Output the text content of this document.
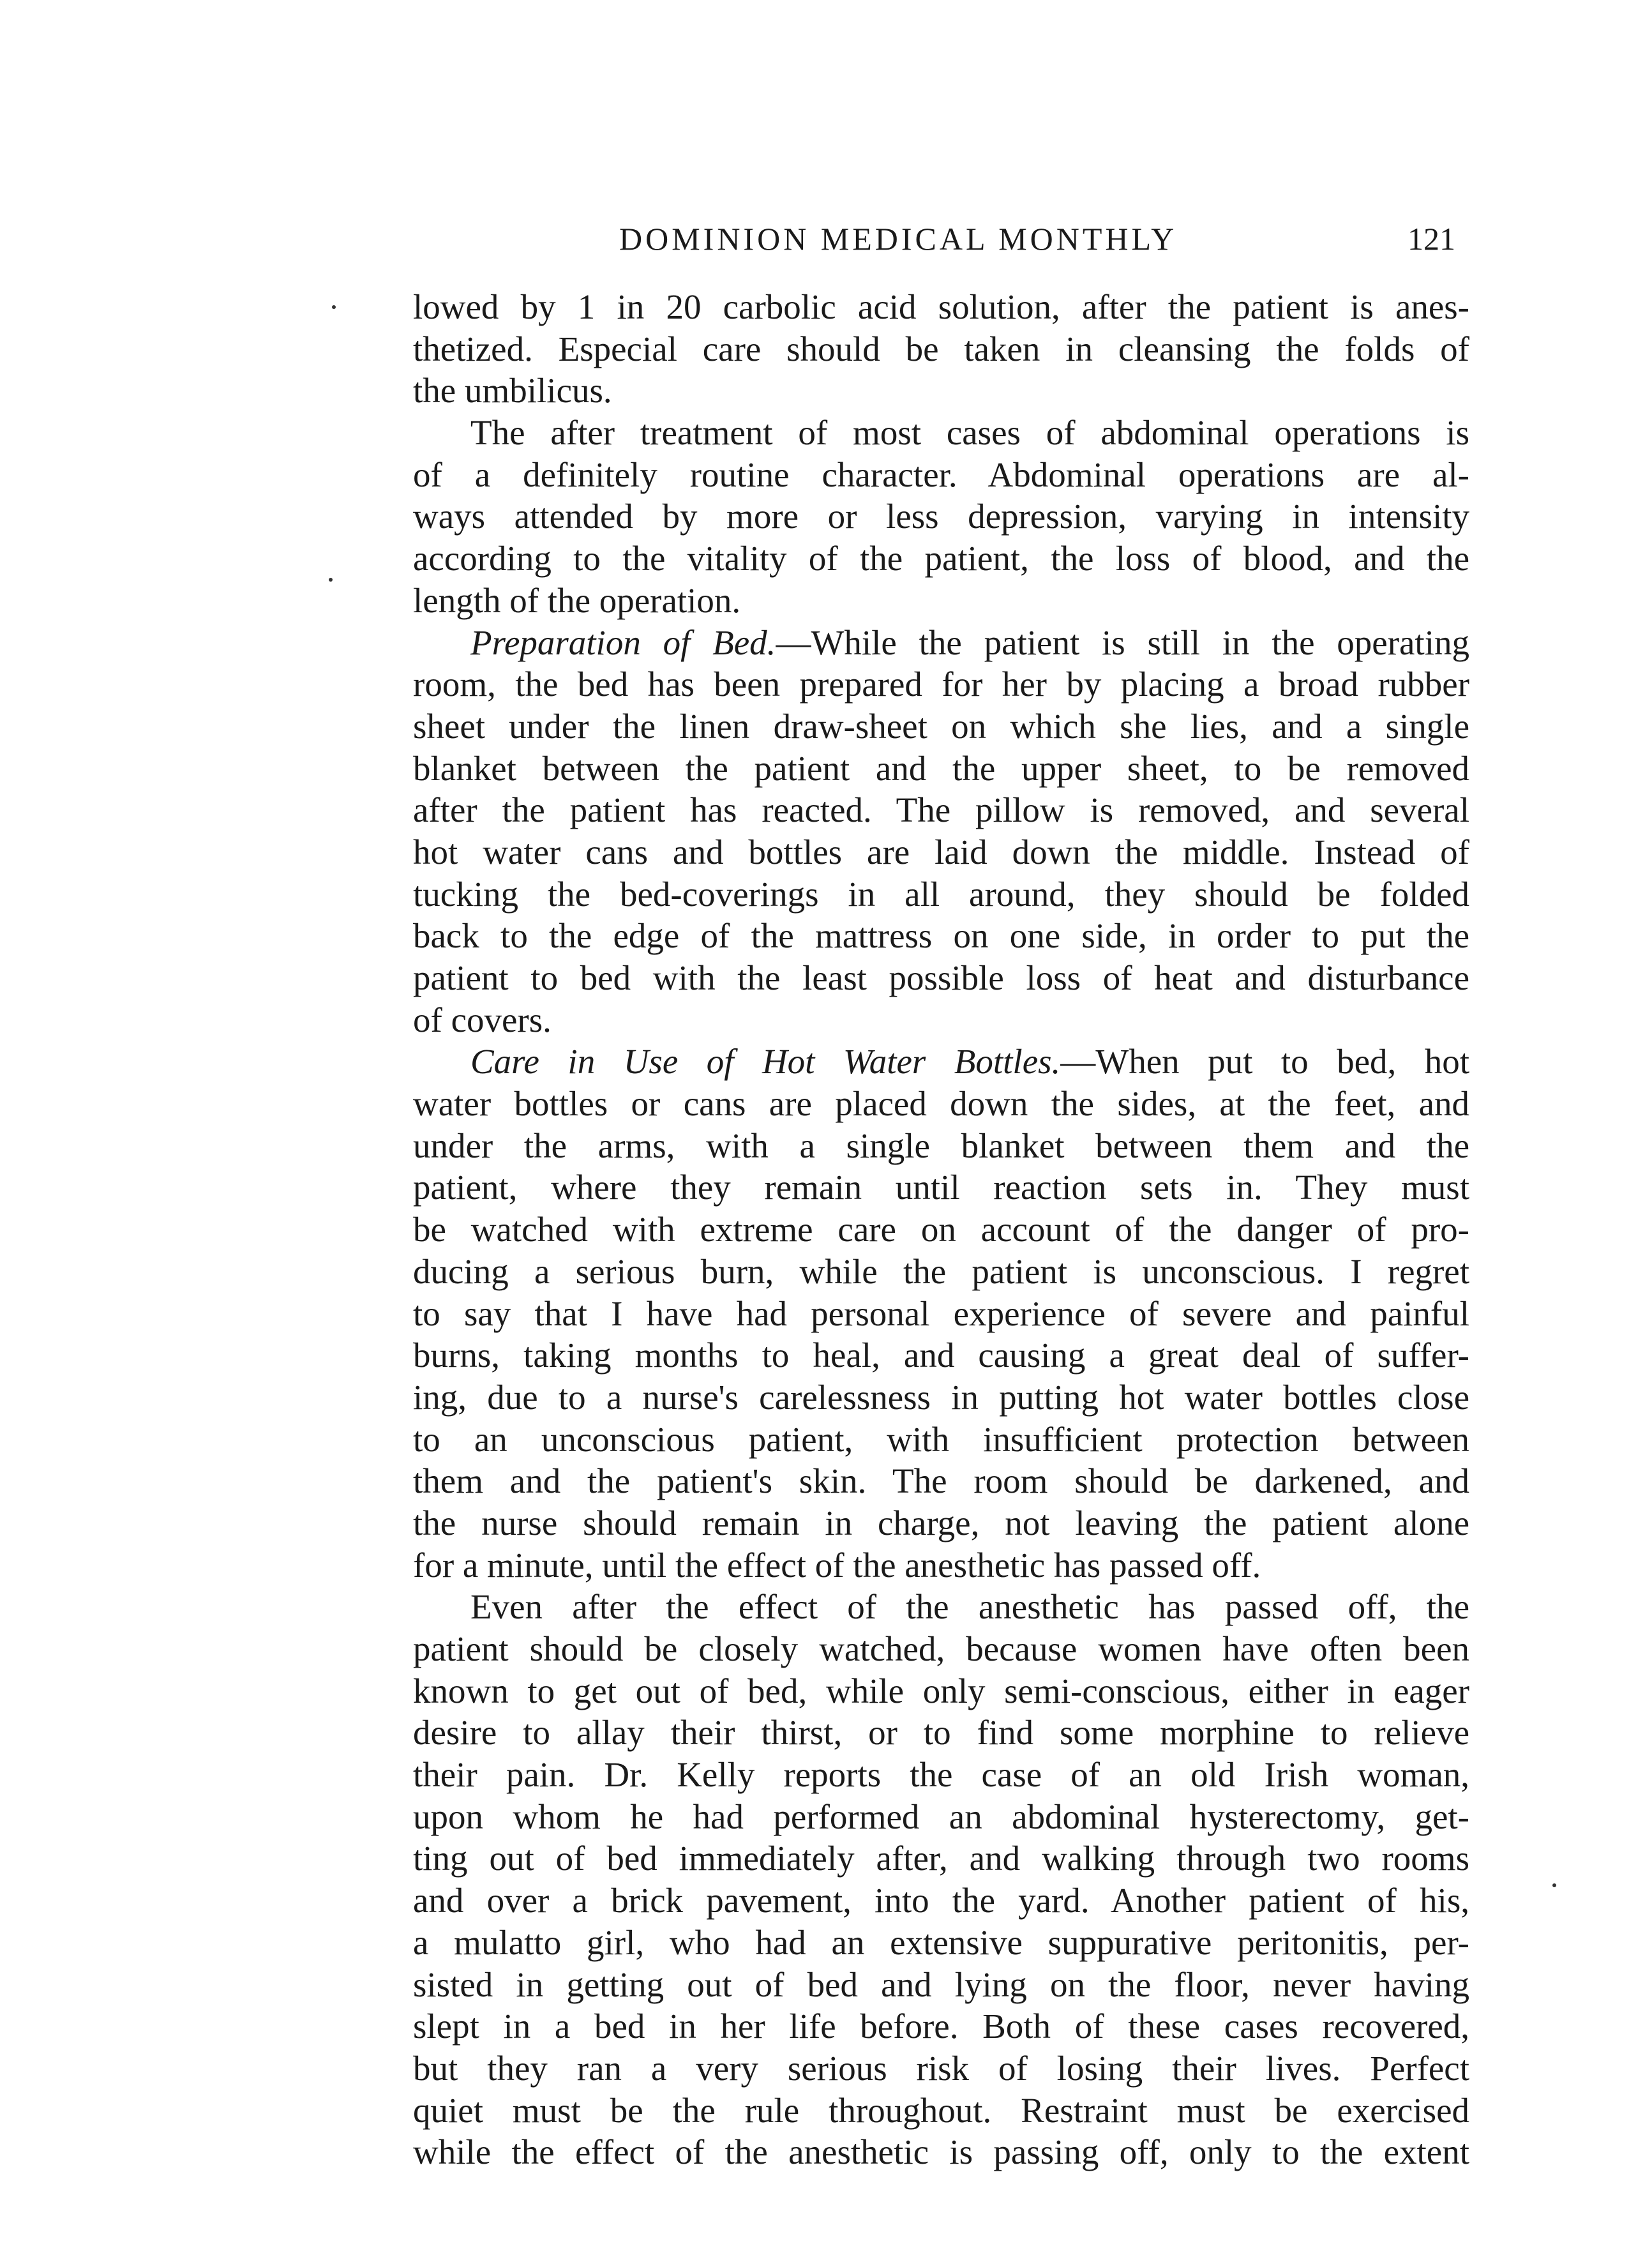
DOMINION MEDICAL MONTHLY	121
lowed by 1 in 20 carbolic acid solution, after the patient is anes-
thetized. Especial care should be taken in cleansing the folds of
the umbilicus.
The after treatment of most cases of abdominal operations is
of a definitely routine character. Abdominal operations are al-
ways attended by more or less depression, varying in intensity
according to the vitality of the patient, the loss of blood, and the
length of the operation.
Preparation of Bed.—While the patient is still in the operating
room, the bed has been prepared for her by placing a broad rubber
sheet under the linen draw-sheet on which she lies, and a single
blanket between the patient and the upper sheet, to be removed
after the patient has reacted. The pillow is removed, and several
hot water cans and bottles are laid down the middle. Instead of
tucking the bed-coverings in all around, they should be folded
back to the edge of the mattress on one side, in order to put the
patient to bed with the least possible loss of heat and disturbance
of covers.
Care in Use of Hot Water Bottles.—When put to bed, hot
water bottles or cans are placed down the sides, at the feet, and
under the arms, with a single blanket between them and the
patient, where they remain until reaction sets in. They must
be watched with extreme care on account of the danger of pro-
ducing a serious burn, while the patient is unconscious. I regret
to say that I have had personal experience of severe and painful
burns, taking months to heal, and causing a great deal of suffer-
ing, due to a nurse's carelessness in putting hot water bottles close
to an unconscious patient, with insufficient protection between
them and the patient's skin. The room should be darkened, and
the nurse should remain in charge, not leaving the patient alone
for a minute, until the effect of the anesthetic has passed off.
Even after the effect of the anesthetic has passed off, the
patient should be closely watched, because women have often been
known to get out of bed, while only semi-conscious, either in eager
desire to allay their thirst, or to find some morphine to relieve
their pain. Dr. Kelly reports the case of an old Irish woman,
upon whom he had performed an abdominal hysterectomy, get-
ting out of bed immediately after, and walking through two rooms
and over a brick pavement, into the yard. Another patient of his,
a mulatto girl, who had an extensive suppurative peritonitis, per-
sisted in getting out of bed and lying on the floor, never having
slept in a bed in her life before. Both of these cases recovered,
but they ran a very serious risk of losing their lives. Perfect
quiet must be the rule throughout. Restraint must be exercised
while the effect of the anesthetic is passing off, only to the extent
